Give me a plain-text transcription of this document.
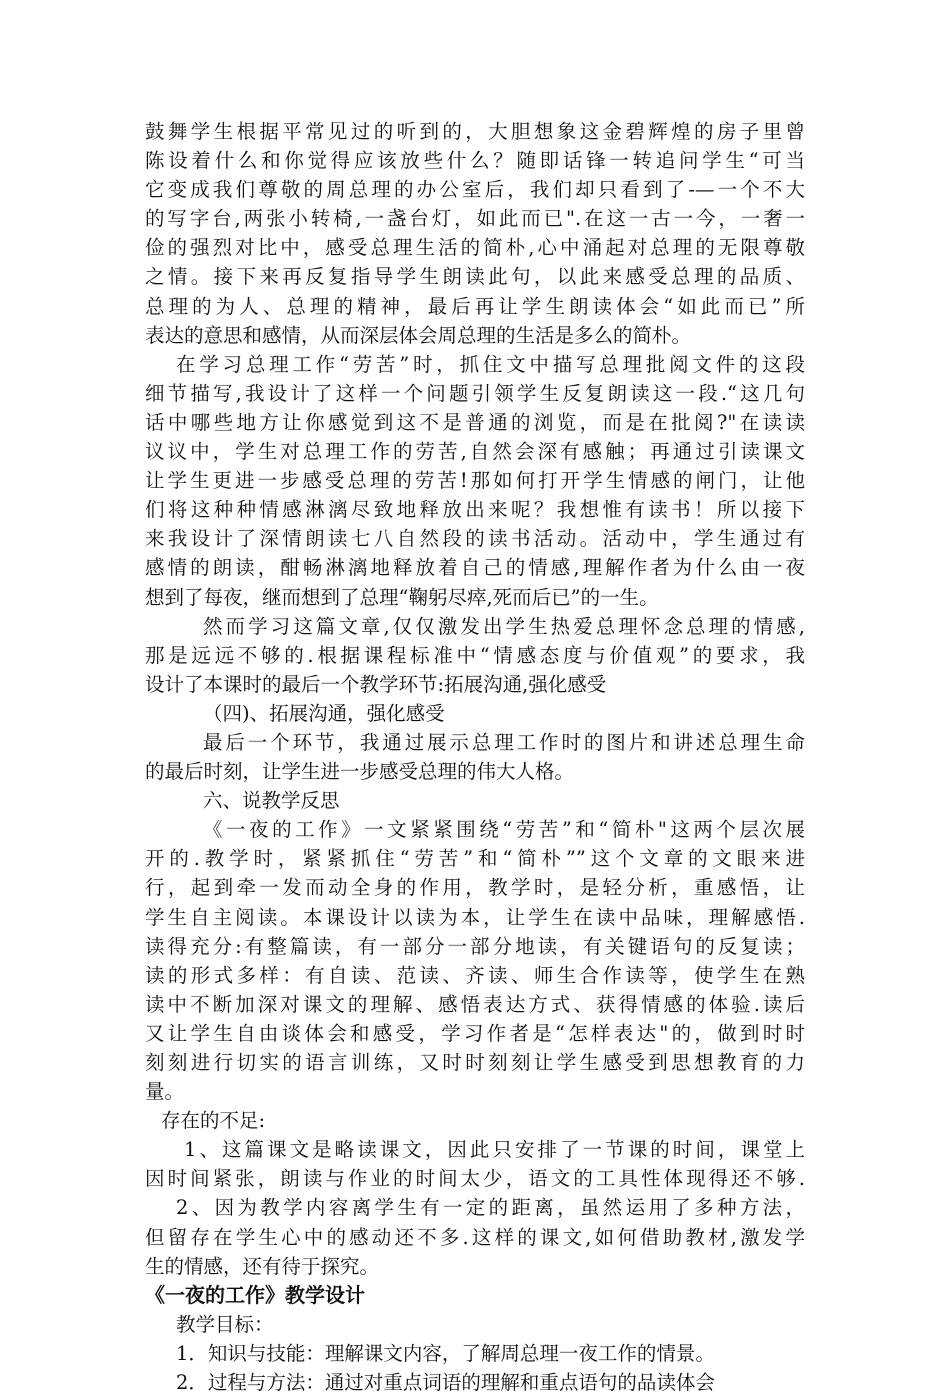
鼓舞学生根据平常见过的听到的，大胆想象这金碧辉煌的房子里曾
陈设着什么和你觉得应该放些什么？随即话锋一转追问学生“可当
它变成我们尊敬的周总理的办公室后，我们却只看到了-—一个不大
的写字台,两张小转椅,一盏台灯，如此而已".在这一古一今，一奢一
俭的强烈对比中，感受总理生活的简朴,心中涌起对总理的无限尊敬
之情。接下来再反复指导学生朗读此句，以此来感受总理的品质、
总理的为人、总理的精神，最后再让学生朗读体会“如此而已”所
表达的意思和感情，从而深层体会周总理的生活是多么的简朴。
在学习总理工作“劳苦”时，抓住文中描写总理批阅文件的这段
细节描写,我设计了这样一个问题引领学生反复朗读这一段.“这几句
话中哪些地方让你感觉到这不是普通的浏览，而是在批阅?"在读读
议议中，学生对总理工作的劳苦,自然会深有感触；再通过引读课文
让学生更进一步感受总理的劳苦!那如何打开学生情感的闸门，让他
们将这种种情感淋漓尽致地释放出来呢？我想惟有读书！所以接下
来我设计了深情朗读七八自然段的读书活动。活动中，学生通过有
感情的朗读，酣畅淋漓地释放着自己的情感,理解作者为什么由一夜
想到了每夜，继而想到了总理“鞠躬尽瘁,死而后已”的一生。
然而学习这篇文章,仅仅激发出学生热爱总理怀念总理的情感,
那是远远不够的.根据课程标准中“情感态度与价值观”的要求，我
设计了本课时的最后一个教学环节:拓展沟通,强化感受
（四)、拓展沟通，强化感受
最后一个环节，我通过展示总理工作时的图片和讲述总理生命
的最后时刻，让学生进一步感受总理的伟大人格。
六、说教学反思
《一夜的工作》一文紧紧围绕“劳苦”和“简朴"这两个层次展
开的.教学时，紧紧抓住“劳苦”和“简朴””这个文章的文眼来进
行，起到牵一发而动全身的作用，教学时，是轻分析，重感悟，让
学生自主阅读。本课设计以读为本，让学生在读中品味，理解感悟.
读得充分:有整篇读，有一部分一部分地读，有关键语句的反复读；
读的形式多样：有自读、范读、齐读、师生合作读等，使学生在熟
读中不断加深对课文的理解、感悟表达方式、获得情感的体验.读后
又让学生自由谈体会和感受，学习作者是“怎样表达"的，做到时时
刻刻进行切实的语言训练，又时时刻刻让学生感受到思想教育的力
量。
存在的不足:
1、这篇课文是略读课文，因此只安排了一节课的时间，课堂上
因时间紧张，朗读与作业的时间太少，语文的工具性体现得还不够.
2、因为教学内容离学生有一定的距离，虽然运用了多种方法，
但留存在学生心中的感动还不多.这样的课文,如何借助教材,激发学
生的情感，还有待于探究。
《一夜的工作》教学设计
教学目标：
1．知识与技能：理解课文内容，了解周总理一夜工作的情景。
2．过程与方法：通过对重点词语的理解和重点语句的品读体会
